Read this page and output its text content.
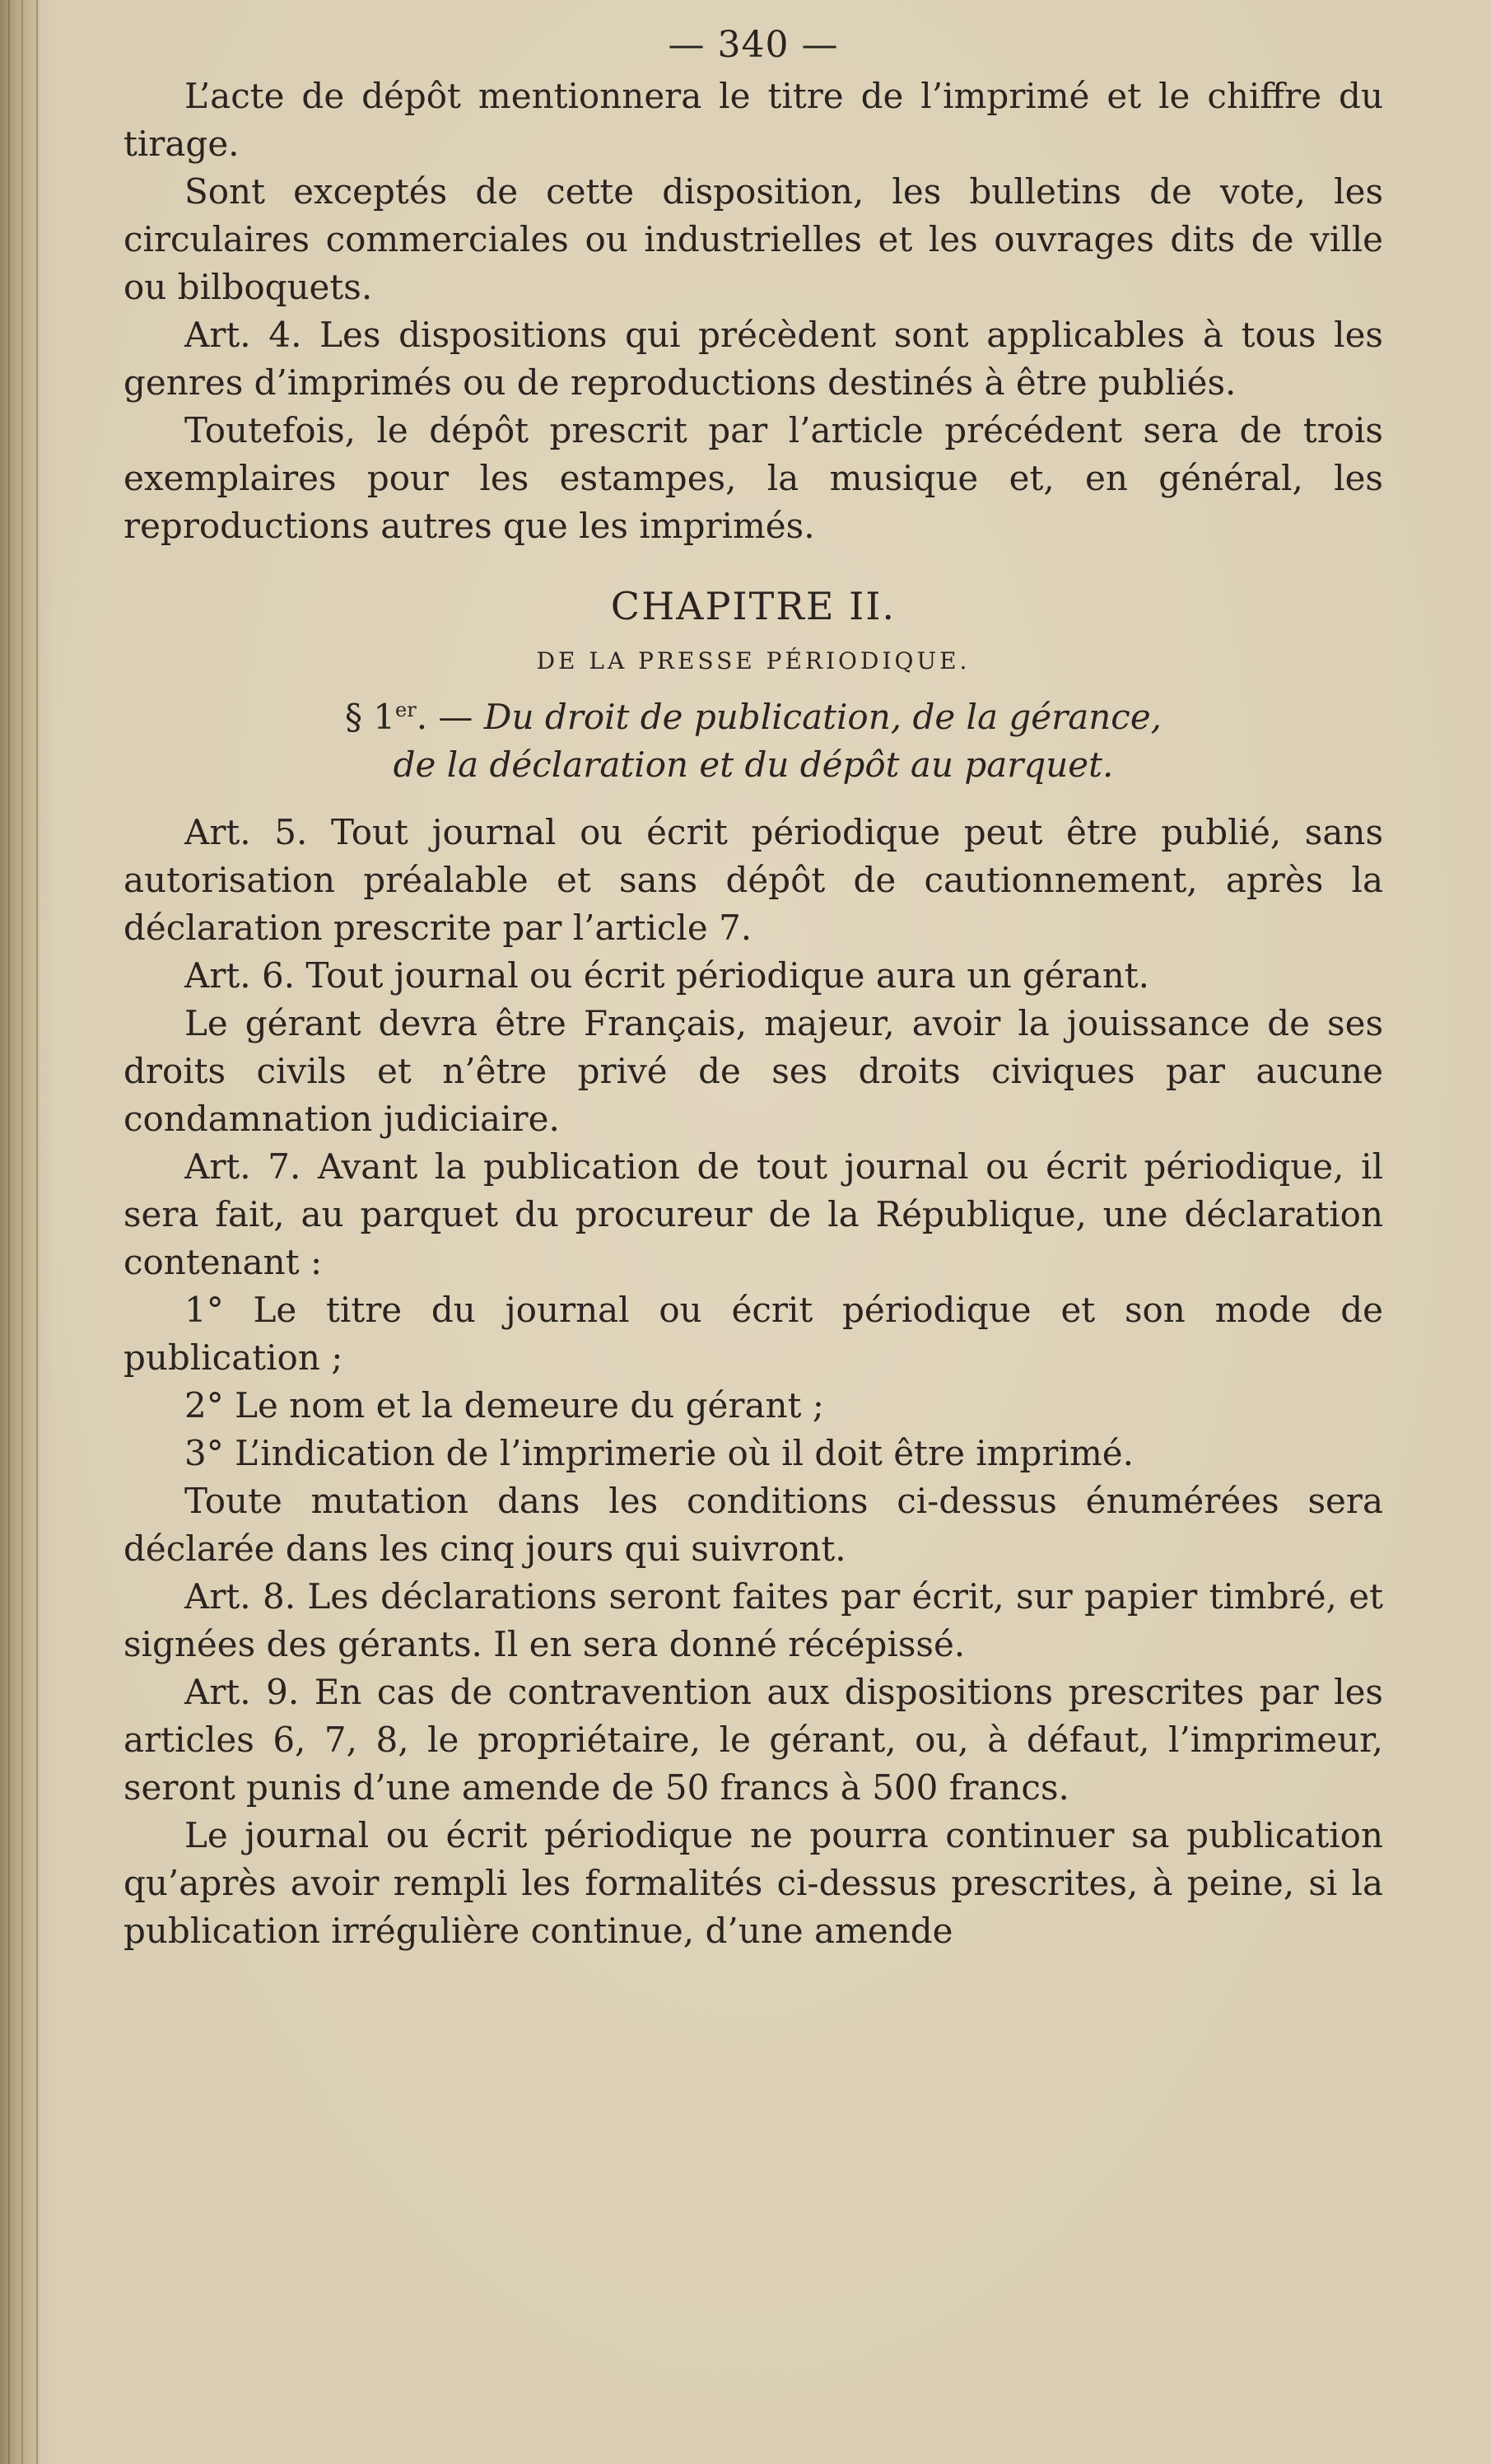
— 340 —

L’acte de dépôt mentionnera le titre de l’imprimé et le chiffre du tirage.

Sont exceptés de cette disposition, les bulletins de vote, les circulaires commerciales ou industrielles et les ouvrages dits de ville ou bilboquets.

Art. 4. Les dispositions qui précèdent sont applicables à tous les genres d’imprimés ou de reproductions destinés à être publiés.

Toutefois, le dépôt prescrit par l’article précédent sera de trois exemplaires pour les estampes, la musique et, en général, les reproductions autres que les imprimés.

CHAPITRE II.
DE LA PRESSE PÉRIODIQUE.
§ 1er. — Du droit de publication, de la gérance,
de la déclaration et du dépôt au parquet.

Art. 5. Tout journal ou écrit périodique peut être publié, sans autorisation préalable et sans dépôt de cautionnement, après la déclaration prescrite par l’article 7.

Art. 6. Tout journal ou écrit périodique aura un gérant.

Le gérant devra être Français, majeur, avoir la jouissance de ses droits civils et n’être privé de ses droits civiques par aucune condamnation judiciaire.

Art. 7. Avant la publication de tout journal ou écrit périodique, il sera fait, au parquet du procureur de la République, une déclaration contenant :

1° Le titre du journal ou écrit périodique et son mode de publication ;

2° Le nom et la demeure du gérant ;

3° L’indication de l’imprimerie où il doit être imprimé.

Toute mutation dans les conditions ci-dessus énumérées sera déclarée dans les cinq jours qui suivront.

Art. 8. Les déclarations seront faites par écrit, sur papier timbré, et signées des gérants. Il en sera donné récépissé.

Art. 9. En cas de contravention aux dispositions prescrites par les articles 6, 7, 8, le propriétaire, le gérant, ou, à défaut, l’imprimeur, seront punis d’une amende de 50 francs à 500 francs.

Le journal ou écrit périodique ne pourra continuer sa publication qu’après avoir rempli les formalités ci-dessus prescrites, à peine, si la publication irrégulière continue, d’une amende
